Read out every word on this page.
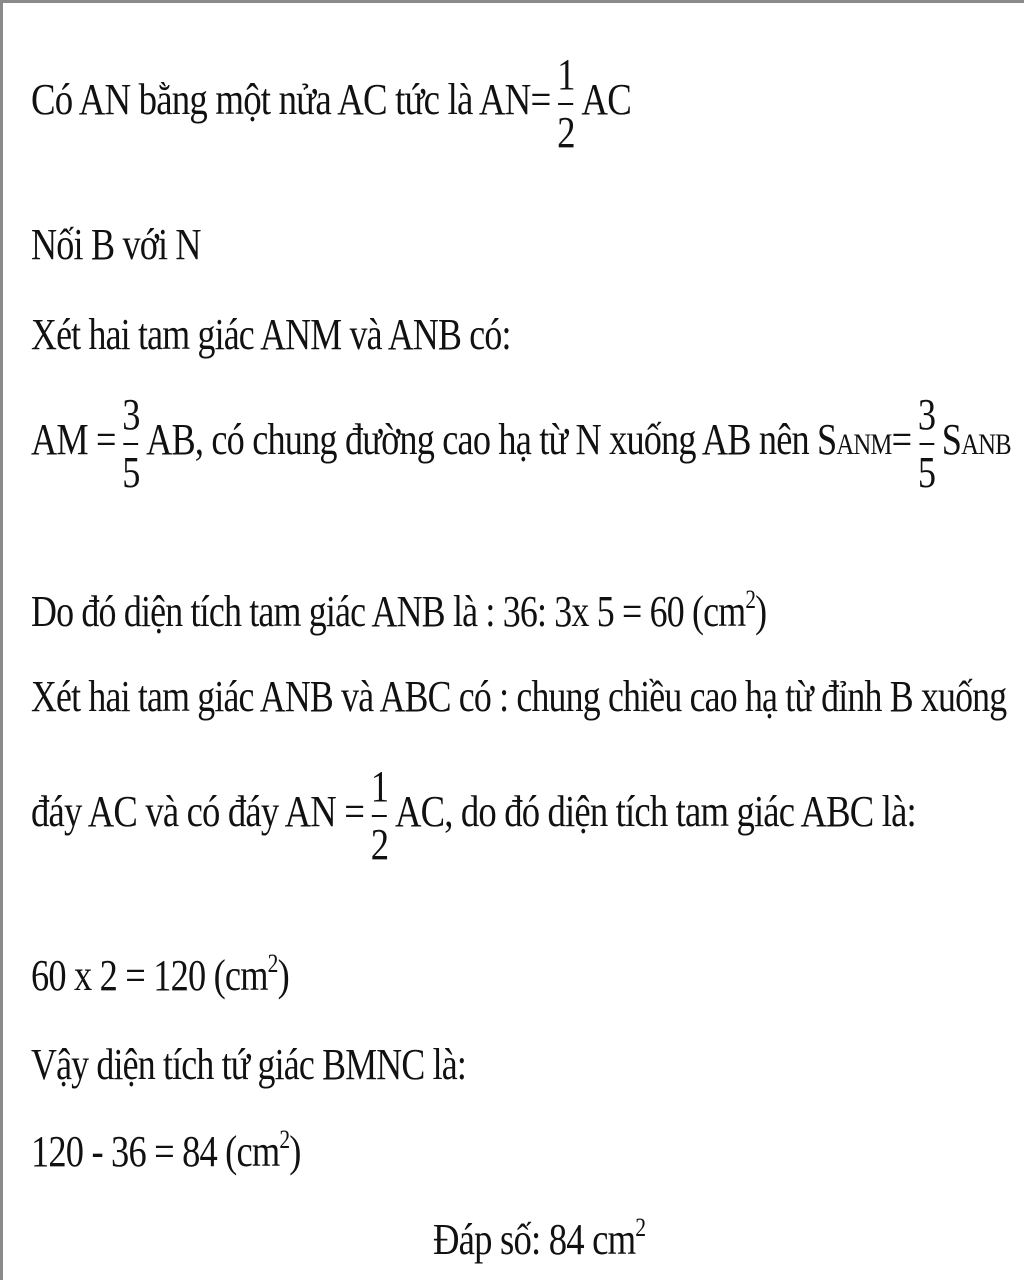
Có AN bằng một nửa AC tức là $AN= \frac{1}{2}$ AC
Nối B với N
Xét hai tam giác ANM và ANB có:
AM = $\frac{3}{5}$ AB, có chung đường cao hạ từ N xuống AB nên SANM= $\frac{3}{5}$ SANB
Do đó diện tích tam giác ANB là : 36: 3x 5 = 60 $(cm^2)$
Xét hai tam giác ANB và ABC có : chung chiều cao hạ từ đỉnh B xuống
đáy AC và có đáy AN = $\frac{1}{2}$ AC, do đó diện tích tam giác ABC là:
60 x 2 = 120 $(cm^2)$
Vậy diện tích tứ giác BMNC là:
120 - 36 = 84 $(cm^2)$
Đáp số: 84 $cm^2$
